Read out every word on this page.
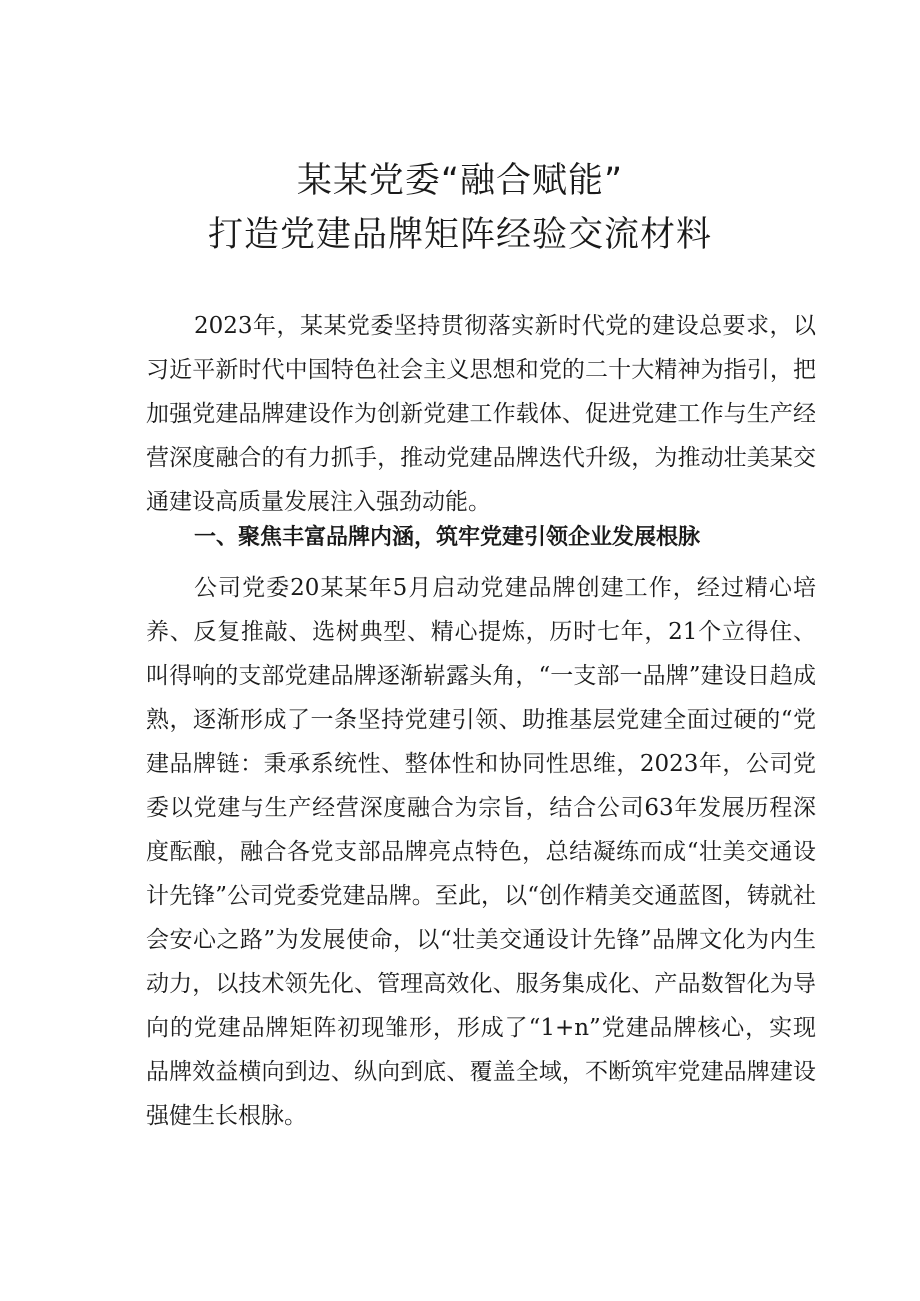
某某党委“融合赋能”
打造党建品牌矩阵经验交流材料

2023年，某某党委坚持贯彻落实新时代党的建设总要求，以习近平新时代中国特色社会主义思想和党的二十大精神为指引，把加强党建品牌建设作为创新党建工作载体、促进党建工作与生产经营深度融合的有力抓手，推动党建品牌迭代升级，为推动壮美某交通建设高质量发展注入强劲动能。

一、聚焦丰富品牌内涵，筑牢党建引领企业发展根脉

公司党委20某某年5月启动党建品牌创建工作，经过精心培养、反复推敲、选树典型、精心提炼，历时七年，21个立得住、叫得响的支部党建品牌逐渐崭露头角，“一支部一品牌”建设日趋成熟，逐渐形成了一条坚持党建引领、助推基层党建全面过硬的“党建品牌链：秉承系统性、整体性和协同性思维，2023年，公司党委以党建与生产经营深度融合为宗旨，结合公司63年发展历程深度酝酿，融合各党支部品牌亮点特色，总结凝练而成“壮美交通设计先锋”公司党委党建品牌。至此，以“创作精美交通蓝图，铸就社会安心之路”为发展使命，以“壮美交通设计先锋”品牌文化为内生动力，以技术领先化、管理高效化、服务集成化、产品数智化为导向的党建品牌矩阵初现雏形，形成了“1+n”党建品牌核心，实现品牌效益横向到边、纵向到底、覆盖全域，不断筑牢党建品牌建设强健生长根脉。
